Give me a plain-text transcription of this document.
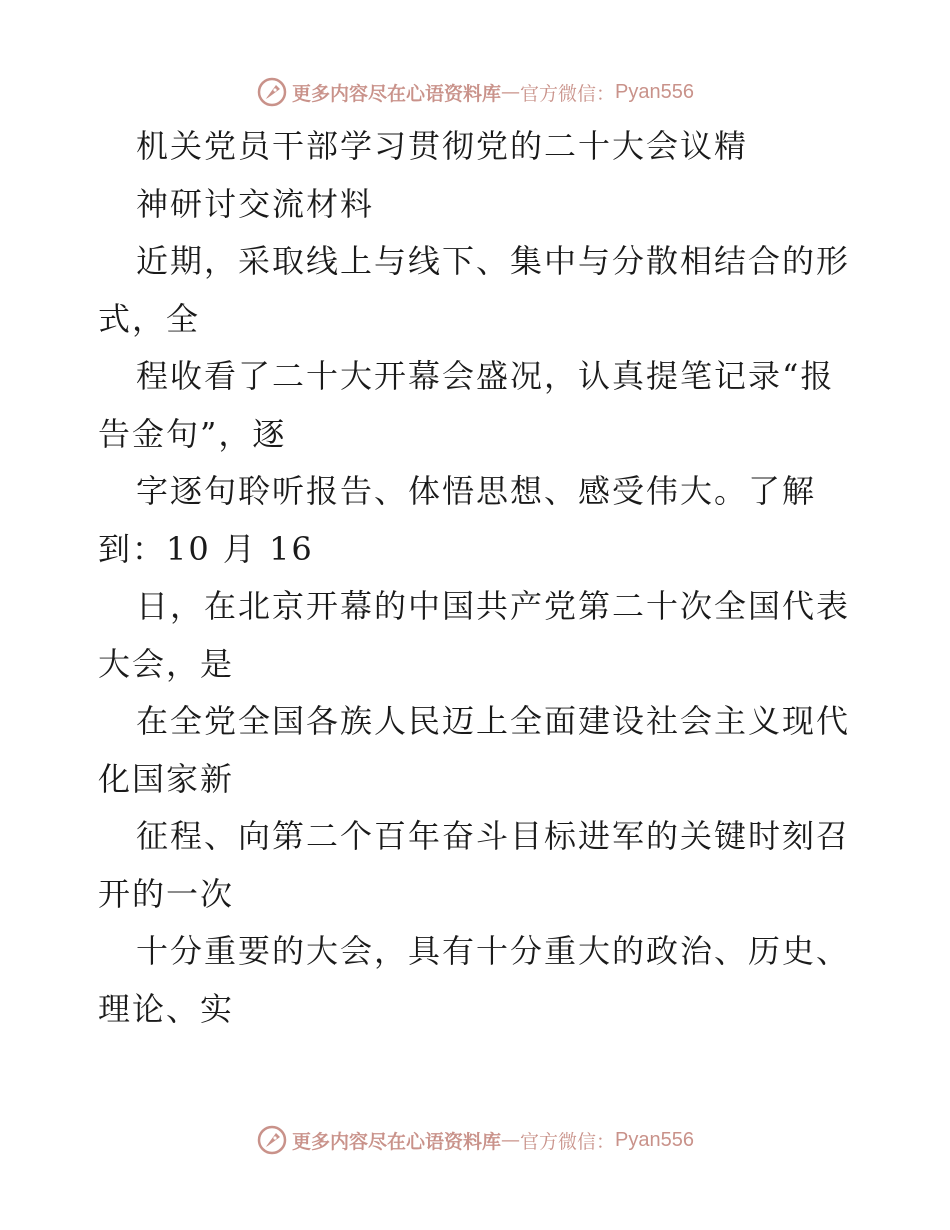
更多内容尽在心语资料库 — 官方微信： Pyan556
机关党员干部学习贯彻党的二十大会议精
神研讨交流材料
近期，采取线上与线下、集中与分散相结合的形
式，全
程收看了二十大开幕会盛况，认真提笔记录“报
告金句”，逐
字逐句聆听报告、体悟思想、感受伟大。了解
到：10 月 16
日，在北京开幕的中国共产党第二十次全国代表
大会，是
在全党全国各族人民迈上全面建设社会主义现代
化国家新
征程、向第二个百年奋斗目标进军的关键时刻召
开的一次
十分重要的大会，具有十分重大的政治、历史、
理论、实
更多内容尽在心语资料库 — 官方微信： Pyan556
